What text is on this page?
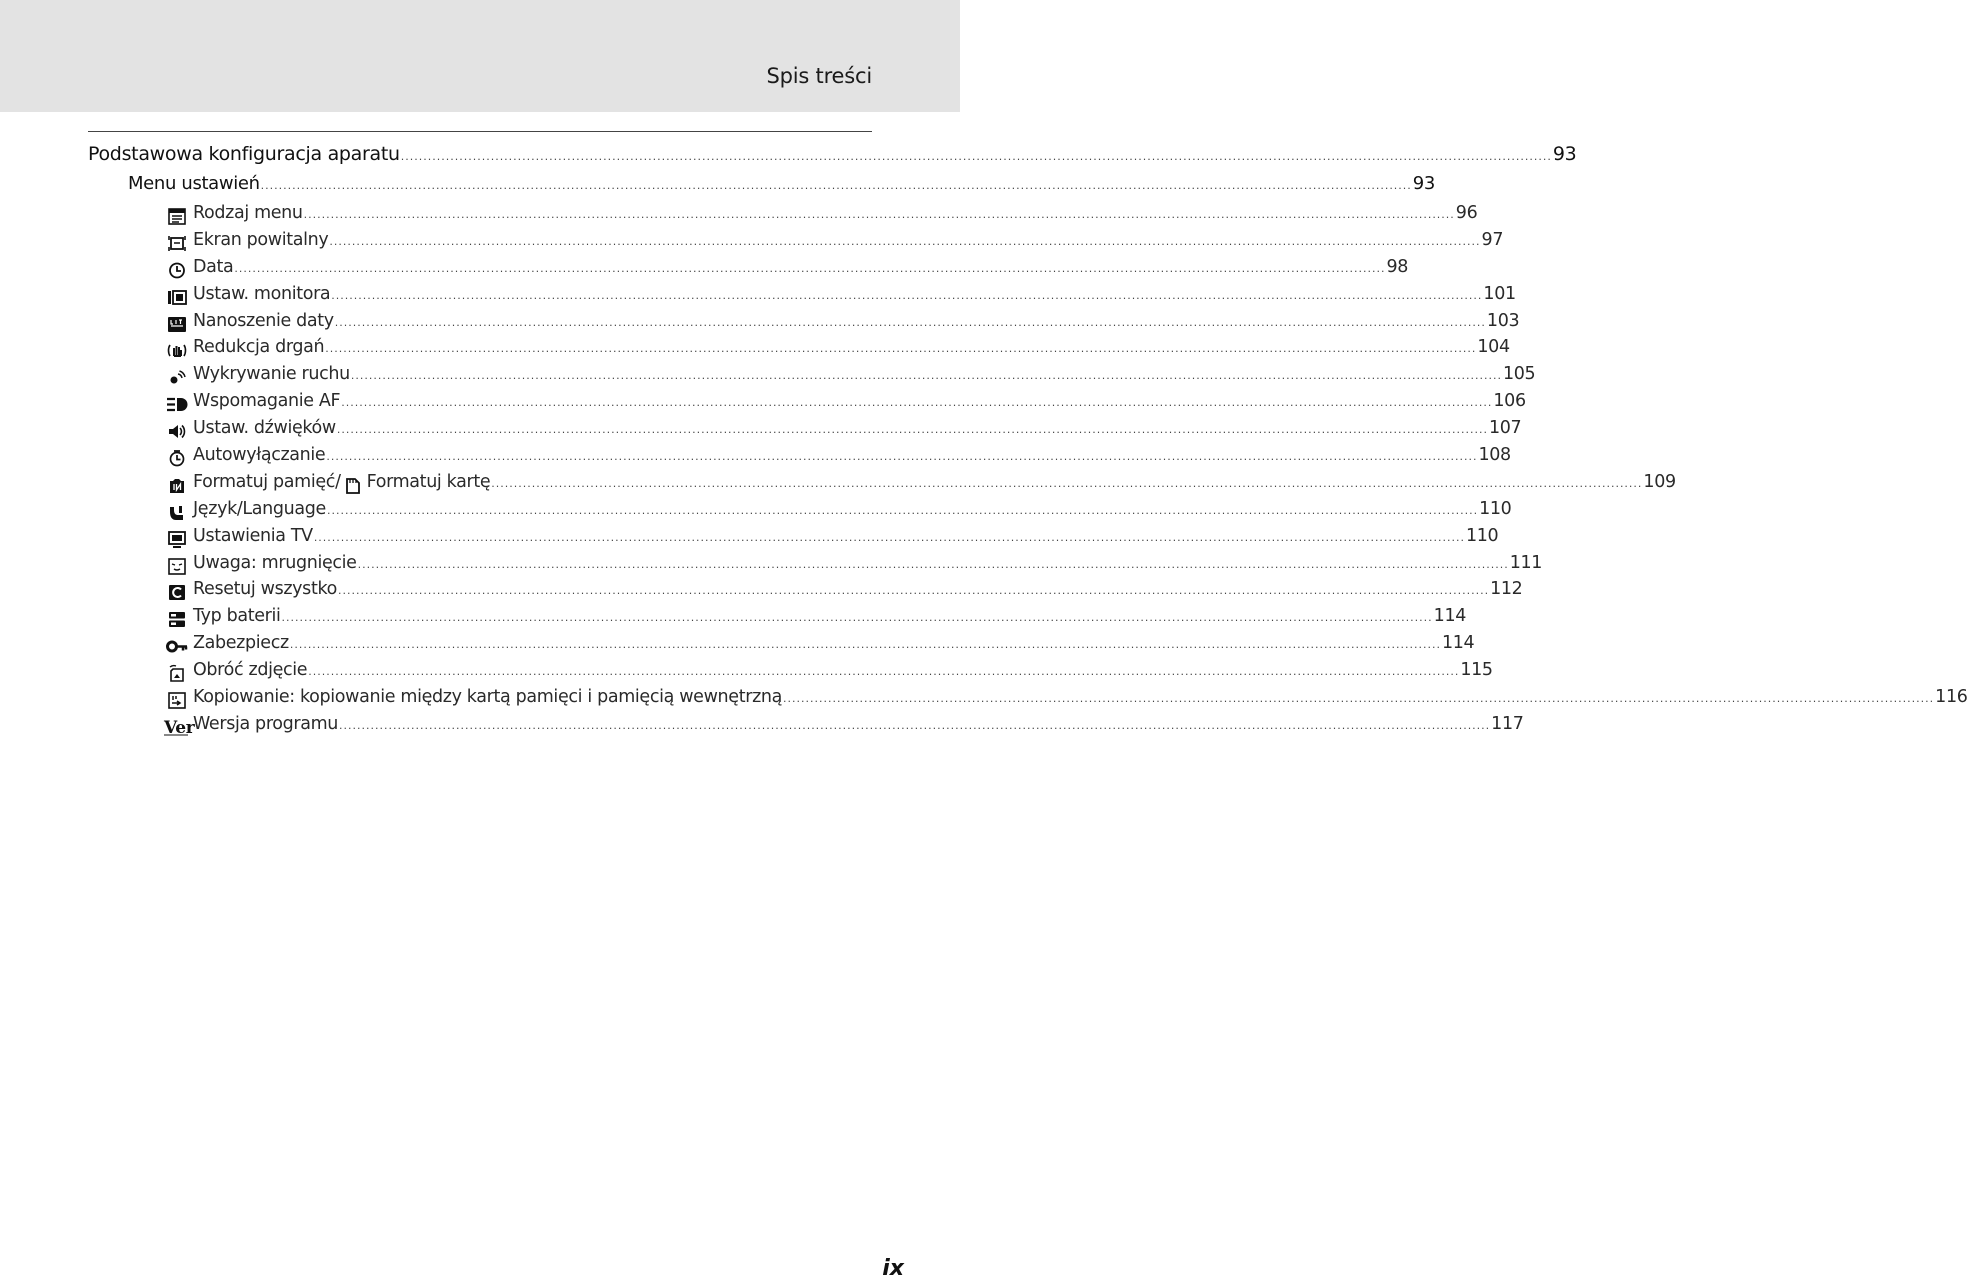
Spis treści
Podstawowa konfiguracja aparatu .....	93
Menu ustawień .....	93
Rodzaj menu .....	96
Ekran powitalny .....	97
Data .....	98
Ustaw. monitora .....	101
Nanoszenie daty .....	103
Redukcja drgań .....	104
Wykrywanie ruchu .....	105
Wspomaganie AF .....	106
Ustaw. dźwięków .....	107
Autowyłączanie .....	108
Formatuj pamięć/ Formatuj kartę .....	109
Język/Language .....	110
Ustawienia TV .....	110
Uwaga: mrugnięcie .....	111
Resetuj wszystko .....	112
Typ baterii .....	114
Zabezpiecz .....	114
Obróć zdjęcie .....	115
Kopiowanie: kopiowanie między kartą pamięci i pamięcią wewnętrzną .....	116
Ver
Wersja programu .....	117
ix
